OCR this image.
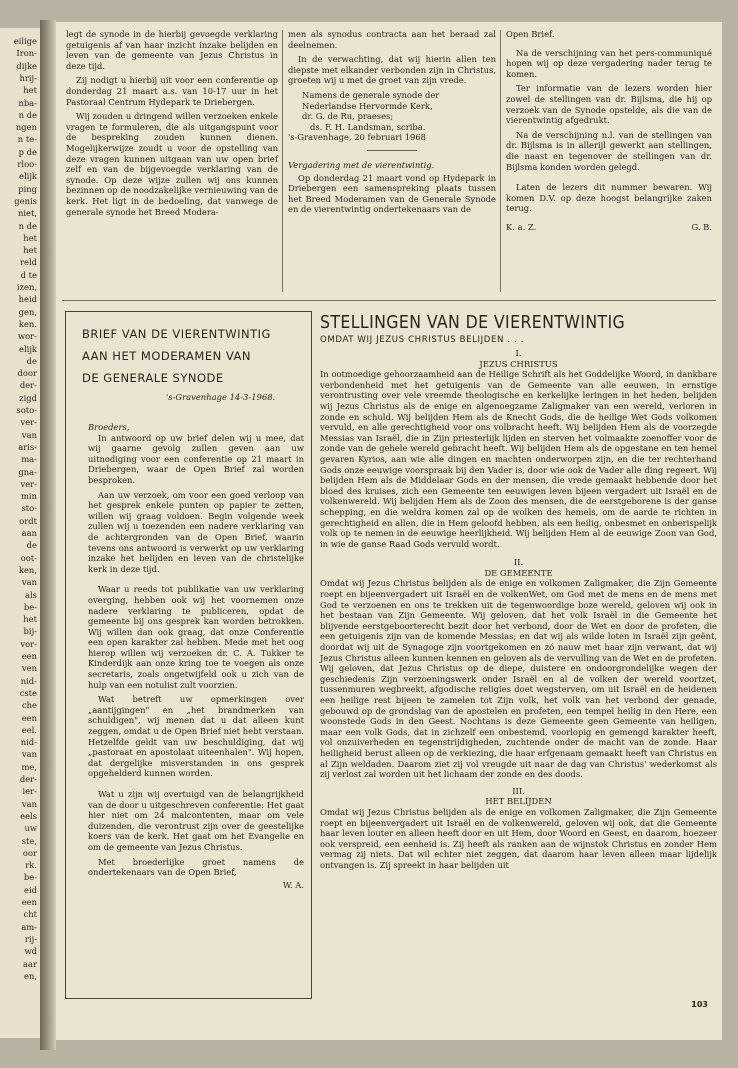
eilige
Iron-
dijke
hrij-
het
nba-
n de
ngen
n te-
p de
rloo-
elijk
ping
genis
niet,
n de
het
het
reld
d te
izen,
heid
gen,
ken.
wor-
elijk
de
door
der-
zigd
soto-
ver-
van
aris-
ma-
gna-
ver-
min
sto-
ordt
aan
de
oot-
ken,
van
als
be-
het
bij-
vor-
een
ven
nid-
cste
che
een
eel.
nid-
van
me,
der-
ier-
van
eels
uw
ste,
oor
rk.
be-
eid
een
cht
am-
rij-
wd
aar
en,

legt de synode in de hierbij gevoegde verklaring getuigenis af van haar inzicht inzake belijden en leven van de gemeente van Jezus Christus in deze tijd.

Zij nodigt u hierbij uit voor een conferentie op donderdag 21 maart a.s. van 10-17 uur in het Pastoraal Centrum Hydepark te Driebergen.

Wij zouden u dringend willen verzoeken enkele vragen te formuleren, die als uitgangspunt voor de bespreking zouden kunnen dienen. Mogelijkerwijze zoudt u voor de opstelling van deze vragen kunnen uitgaan van uw open brief zelf en van de bijgevoegde verklaring van de synode. Op deze wijze zullen wij ons kunnen bezinnen op de noodzakelijke vernieuwing van de kerk. Het ligt in de bedoeling, dat vanwege de generale synode het Breed Modera-

men als synodus contracta aan het beraad zal deelnemen.

In de verwachting, dat wij hierin allen ten diepste met elkander verbonden zijn in Christus, groeten wij u met de groet van zijn vrede.

Namens de generale synode der
Nederlandse Hervormde Kerk,
dr. G. de Ru, praeses;
ds. F. H. Landsman, scriba.
's-Gravenhage, 20 februari 1968
Vergadering met de vierentwintig.

Op donderdag 21 maart vond op Hydepark in Driebergen een samenspreking plaats tussen het Breed Moderamen van de Generale Synode en de vierentwintig ondertekenaars van de

Open Brief.

Na de verschijning van het pers-communiqué hopen wij op deze vergadering nader terug te komen.

Ter informatie van de lezers worden hier zowel de stellingen van dr. Bijlsma, die hij op verzoek van de Synode opstelde, als die van de vierentwintig afgedrukt.

Na de verschijning n.l. van de stellingen van dr. Bijlsma is in allerijl gewerkt aan stellingen, die naast en tegenover de stellingen van dr. Bijlsma konden worden gelegd.

Laten de lezers dit nummer bewaren. Wij komen D.V. op deze hoogst belangrijke zaken terug.

K. a. Z.	G. B.
BRIEF VAN DE VIERENTWINTIG
AAN HET MODERAMEN VAN
DE GENERALE SYNODE
's-Gravenhage 14-3-1968.

Broeders,

In antwoord op uw brief delen wij u mee, dat wij gaarne gevolg zullen geven aan uw uitnodiging voor een conferentie op 21 maart in Driebergen, waar de Open Brief zal worden besproken.

Aan uw verzoek, om voor een goed verloop van het gesprek enkele punten op papier te zetten, willen wij graag voldoen. Begin volgende week zullen wij u toezenden een nadere verklaring van de achtergronden van de Open Brief, waarin tevens ons antwoord is verwerkt op uw verklaring inzake het belijden en leven van de christelijke kerk in deze tijd.

Waar u reeds tot publikatie van uw verklaring overging, hebben ook wij het voornemen onze nadere verklaring te publiceren, opdat de gemeente bij ons gesprek kan worden betrokken. Wij willen dan ook graag, dat onze Conferentie een open karakter zal hebben. Mede met het oog hierop willen wij verzoeken dr. C. A. Tukker te Kinderdijk aan onze kring toe te voegen als onze secretaris, zoals ongetwijfeld ook u zich van de hulp van een notulist zult voorzien.

Wat betreft uw opmerkingen over „aantijgingen" en „het brandmerken van schuldigen", wij menen dat u dat alleen kunt zeggen, omdat u de Open Brief niet hebt verstaan. Hetzelfde geldt van uw beschuldiging, dat wij „pastoraat en apostolaat uiteenhalen". Wij hopen, dat dergelijke misverstanden in ons gesprek opgehelderd kunnen worden.

Wat u zijn wij overtuigd van de belangrijkheid van de door u uitgeschreven conferentie: Het gaat hier niet om 24 malcontenten, maar om vele duizenden, die verontrust zijn over de geestelijke koers van de kerk. Het gaat om het Evangelie en om de gemeente van Jezus Christus.

Met broederlijke groet namens de ondertekenaars van de Open Brief,

W. A.
STELLINGEN VAN DE VIERENTWINTIG
OMDAT WIJ JEZUS CHRISTUS BELIJDEN . . .
I.
JEZUS CHRISTUS

In ootmoedige gehoorzaamheid aan de Heilige Schrift als het Goddelijke Woord, in dankbare verbondenheid met het getuigenis van de Gemeente van alle eeuwen, in ernstige verontrusting over vele vreemde theologische en kerkelijke leringen in het heden, belijden wij Jezus Christus als de enige en algenoegzame Zaligmaker van een wereld, verloren in zonde en schuld. Wij belijden Hem als de Knecht Gods, die de heilige Wet Gods volkomen vervuld, en alle gerechtigheid voor ons volbracht heeft. Wij belijden Hem als de voorzegde Messias van Israël, die in Zijn priesterlijk lijden en sterven het volmaakte zoenoffer voor de zonde van de gehele wereld gebracht heeft. Wij belijden Hem als de opgestane en ten hemel gevaren Kyrios, aan wie alle dingen en machten onderworpen zijn, en die ter rechterhand Gods onze eeuwige voorspraak bij den Vader is, door wie ook de Vader alle ding regeert. Wij belijden Hem als de Middelaar Gods en der mensen, die vrede gemaakt hebbende door het bloed des kruises, zich een Gemeente ten eeuwigen leven bijeen vergadert uit Israël en de volkenwereld. Wij belijden Hem als de Zoon des mensen, die de eerstgeborene is der ganse schepping, en die weldra komen zal op de wolken des hemels, om de aarde te richten in gerechtigheid en allen, die in Hem geloofd hebben, als een heilig, onbesmet en onberispelijk volk op te nemen in de eeuwige heerlijkheid. Wij belijden Hem al de eeuwige Zoon van God, in wie de ganse Raad Gods vervuld wordt.

II.
DE GEMEENTE

Omdat wij Jezus Christus belijden als de enige en volkomen Zaligmaker, die Zijn Gemeente roept en bijeenvergadert uit Israël en de volkenWet, om God met de mens en de mens met God te verzoenen en ons te trekken uit de tegenwoordige boze wereld, geloven wij ook in het bestaan van Zijn Gemeente. Wij geloven, dat het volk Israël in die Gemeente het blijvende eerstgeboorterecht bezit door het verbond, door de Wet en door de profeten, die een getuigenis zijn van de komende Messias; en dat wij als wilde loten in Israël zijn geënt, doordat wij uit de Synagoge zijn voortgekomen en zó nauw met haar zijn verwant, dat wij Jezus Christus alleen kunnen kennen en geloven als de vervulling van de Wet en de profeten. Wij geloven, dat Jezus Christus op de diepe, duistere en ondoorgrondelijke wegen der geschiedenis Zijn verzoeningswerk onder Israël en al de volken der wereld voortzet, tussenmuren wegbreekt, afgodische religies doet wegsterven, om uit Israël en de heidenen een heilige rest bijeen te zamelen tot Zijn volk, het volk van het verbond der genade, gebouwd op de grondslag van de apostelen en profeten, een tempel heilig in den Here, een woonstede Gods in den Geest. Nochtans is deze Gemeente geen Gemeente van heiligen, maar een volk Gods, dat in zichzelf een onbestemd, voorlopig en gemengd karakter heeft, vol onzuiverheden en tegenstrijdigheden, zuchtende onder de macht van de zonde. Haar heiligheid berust alleen op de verkiezing, die haar erfgenaam gemaakt heeft van Christus en al Zijn weldaden. Daarom ziet zij vol vreugde uit naar de dag van Christus' wederkomst als zij verlost zal worden uit het lichaam der zonde en des doods.

III.
HET BELIJDEN

Omdat wij Jezus Christus belijden als de enige en volkomen Zaligmaker, die Zijn Gemeente roept en bijeenvergadert uit Israël en de volkenwereld, geloven wij ook, dat die Gemeente haar leven louter en alleen heeft door en uit Hem, door Woord en Geest, en daarom, hoezeer ook verspreid, een eenheid is. Zij heeft als ranken aan de wijnstok Christus en zonder Hem vermag zij niets. Dat wil echter niet zeggen, dat daarom haar leven alleen maar lijdelijk ontvangen is. Zij spreekt in haar belijden uit

103
